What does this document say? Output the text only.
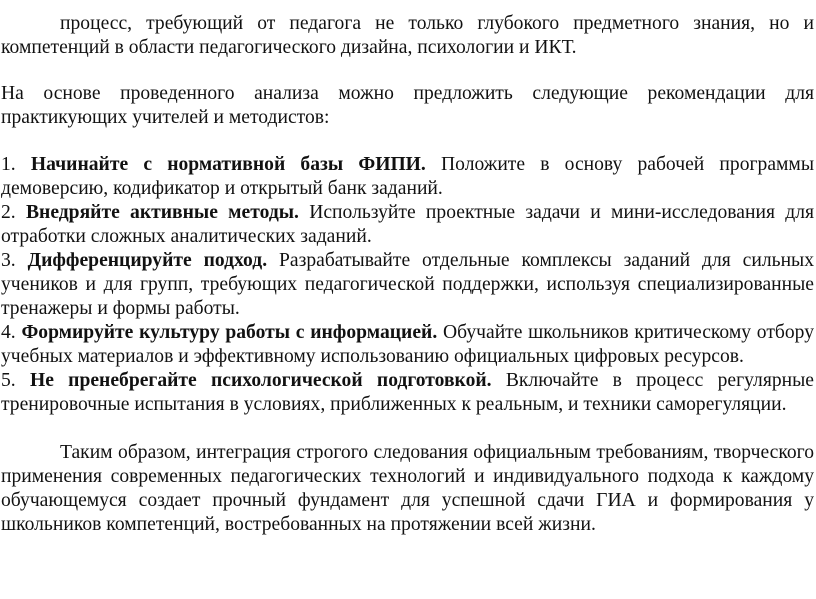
процесс, требующий от педагога не только глубокого предметного знания, но и компетенций в области педагогического дизайна, психологии и ИКТ.

На основе проведенного анализа можно предложить следующие рекомендации для практикующих учителей и методистов:

1. Начинайте с нормативной базы ФИПИ. Положите в основу рабочей программы демоверсию, кодификатор и открытый банк заданий.

2. Внедряйте активные методы. Используйте проектные задачи и мини-исследования для отработки сложных аналитических заданий.

3. Дифференцируйте подход. Разрабатывайте отдельные комплексы заданий для сильных учеников и для групп, требующих педагогической поддержки, используя специализированные тренажеры и формы работы.

4. Формируйте культуру работы с информацией. Обучайте школьников критическому отбору учебных материалов и эффективному использованию официальных цифровых ресурсов.

5. Не пренебрегайте психологической подготовкой. Включайте в процесс регулярные тренировочные испытания в условиях, приближенных к реальным, и техники саморегуляции.

Таким образом, интеграция строгого следования официальным требованиям, творческого применения современных педагогических технологий и индивидуального подхода к каждому обучающемуся создает прочный фундамент для успешной сдачи ГИА и формирования у школьников компетенций, востребованных на протяжении всей жизни.
